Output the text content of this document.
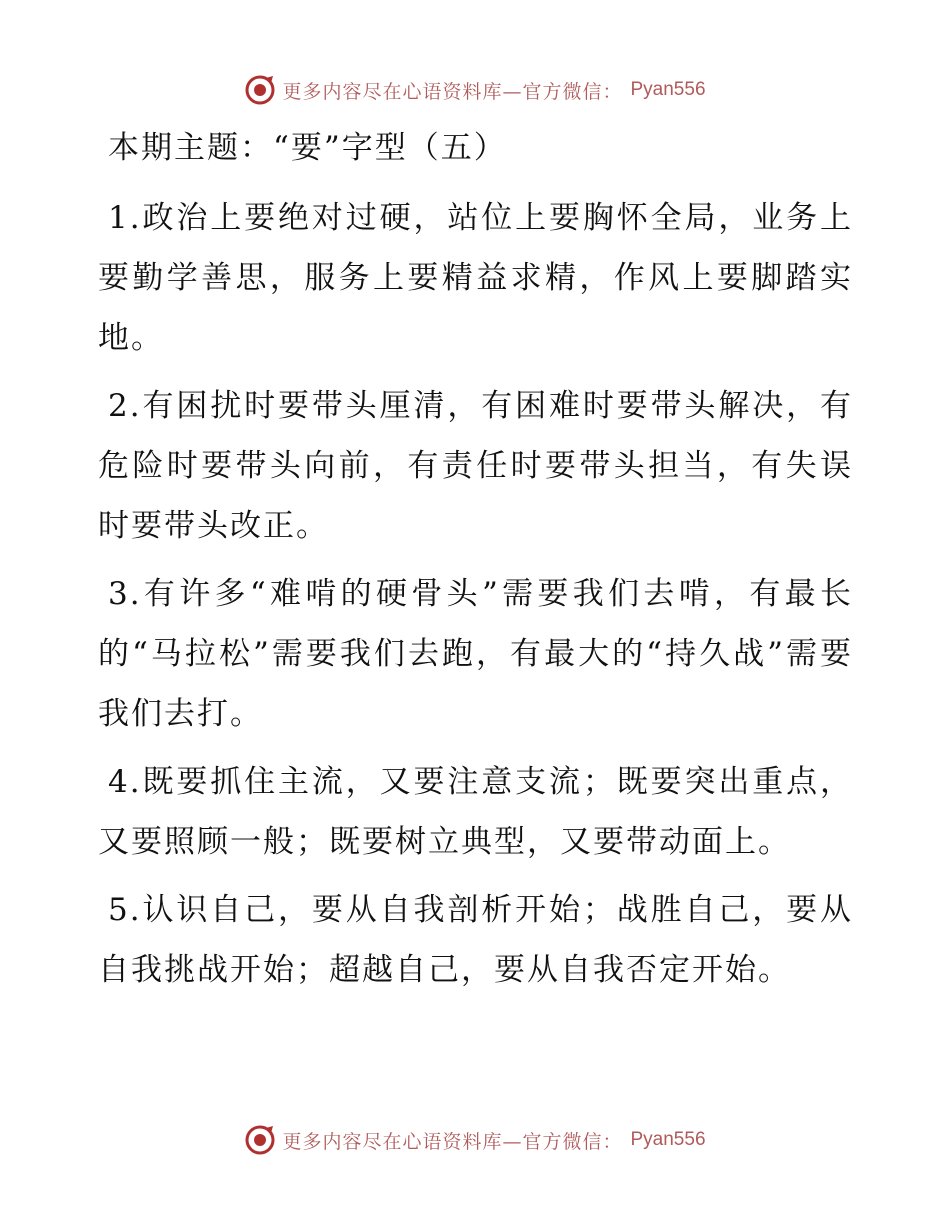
更多内容尽在心语资料库—官方微信： Pyan556
本期主题：“要”字型（五）

1.政治上要绝对过硬，站位上要胸怀全局，业务上要勤学善思，服务上要精益求精，作风上要脚踏实地。

2.有困扰时要带头厘清，有困难时要带头解决，有危险时要带头向前，有责任时要带头担当，有失误时要带头改正。

3.有许多“难啃的硬骨头”需要我们去啃，有最长的“马拉松”需要我们去跑，有最大的“持久战”需要我们去打。

4.既要抓住主流，又要注意支流；既要突出重点，又要照顾一般；既要树立典型，又要带动面上。

5.认识自己，要从自我剖析开始；战胜自己，要从自我挑战开始；超越自己，要从自我否定开始。

更多内容尽在心语资料库—官方微信： Pyan556
